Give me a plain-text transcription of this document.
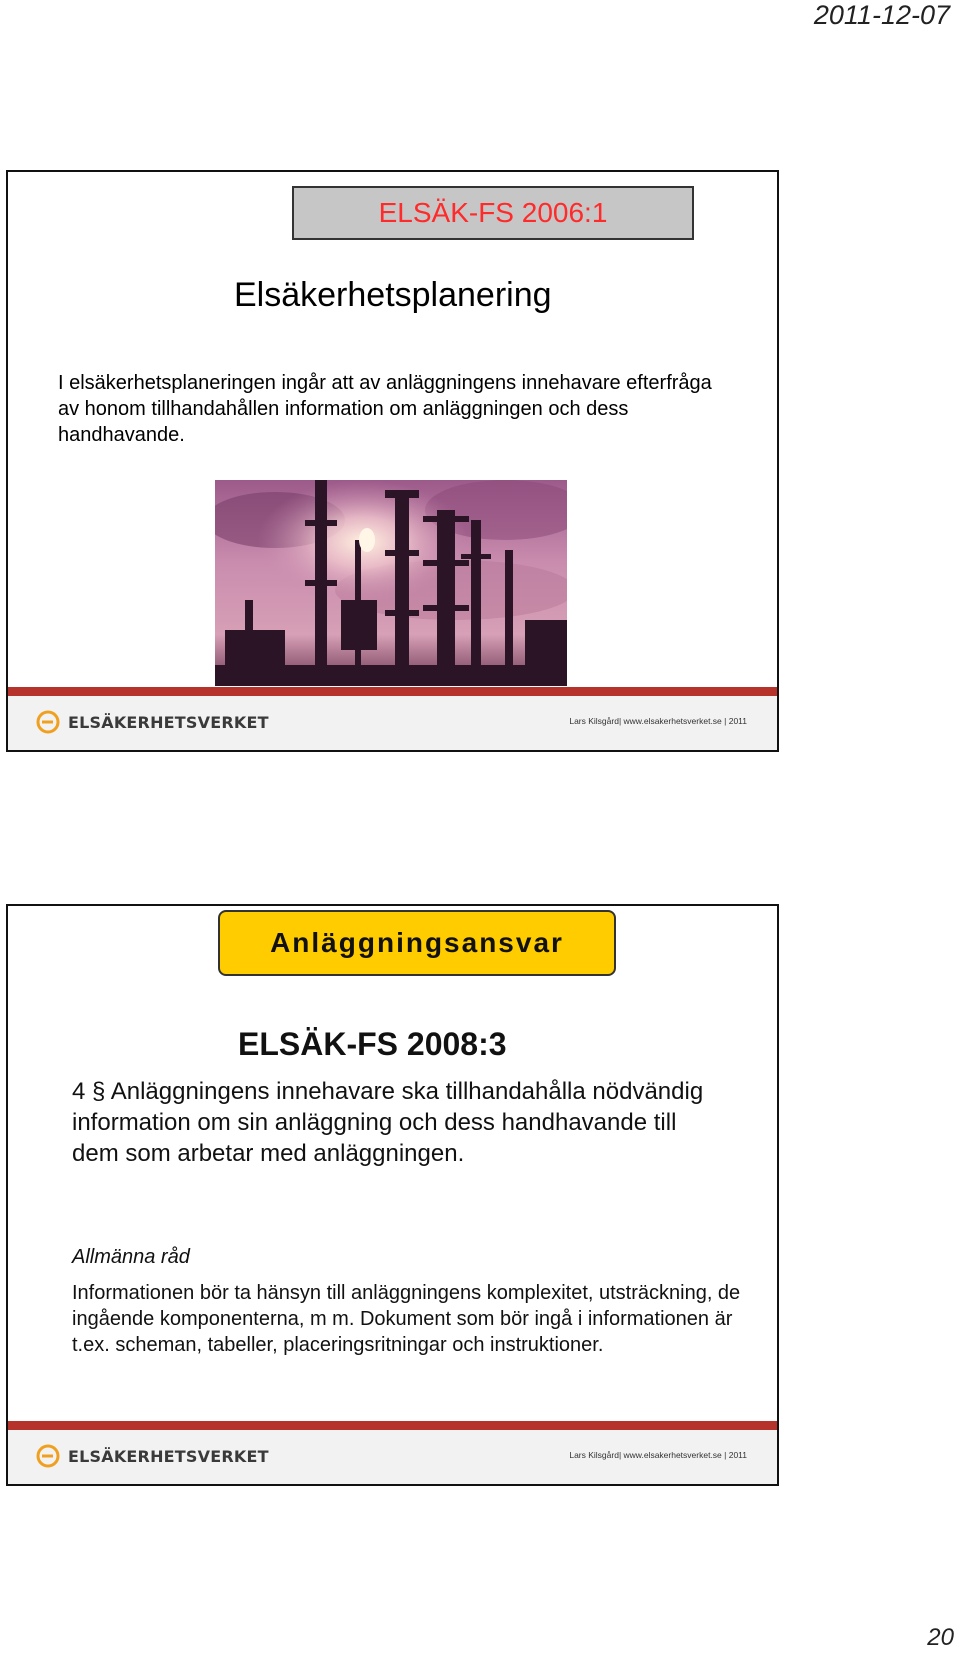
2011-12-07
ELSÄK-FS 2006:1
Elsäkerhetsplanering
I elsäkerhetsplaneringen ingår att av anläggningens innehavare efterfråga av honom tillhandahållen information om anläggningen och dess handhavande.
ELSÄKERHETSVERKET	Lars Kilsgård| www.elsakerhetsverket.se | 2011
Anläggningsansvar
ELSÄK-FS 2008:3
4 § Anläggningens innehavare ska tillhandahålla nödvändig information om sin anläggning och dess handhavande till dem som arbetar med anläggningen.
Allmänna råd
Informationen bör ta hänsyn till anläggningens komplexitet, utsträckning, de ingående komponenterna, m m. Dokument som bör ingå i informationen är t.ex. scheman, tabeller, placeringsritningar och instruktioner.
ELSÄKERHETSVERKET	Lars Kilsgård| www.elsakerhetsverket.se | 2011
20
